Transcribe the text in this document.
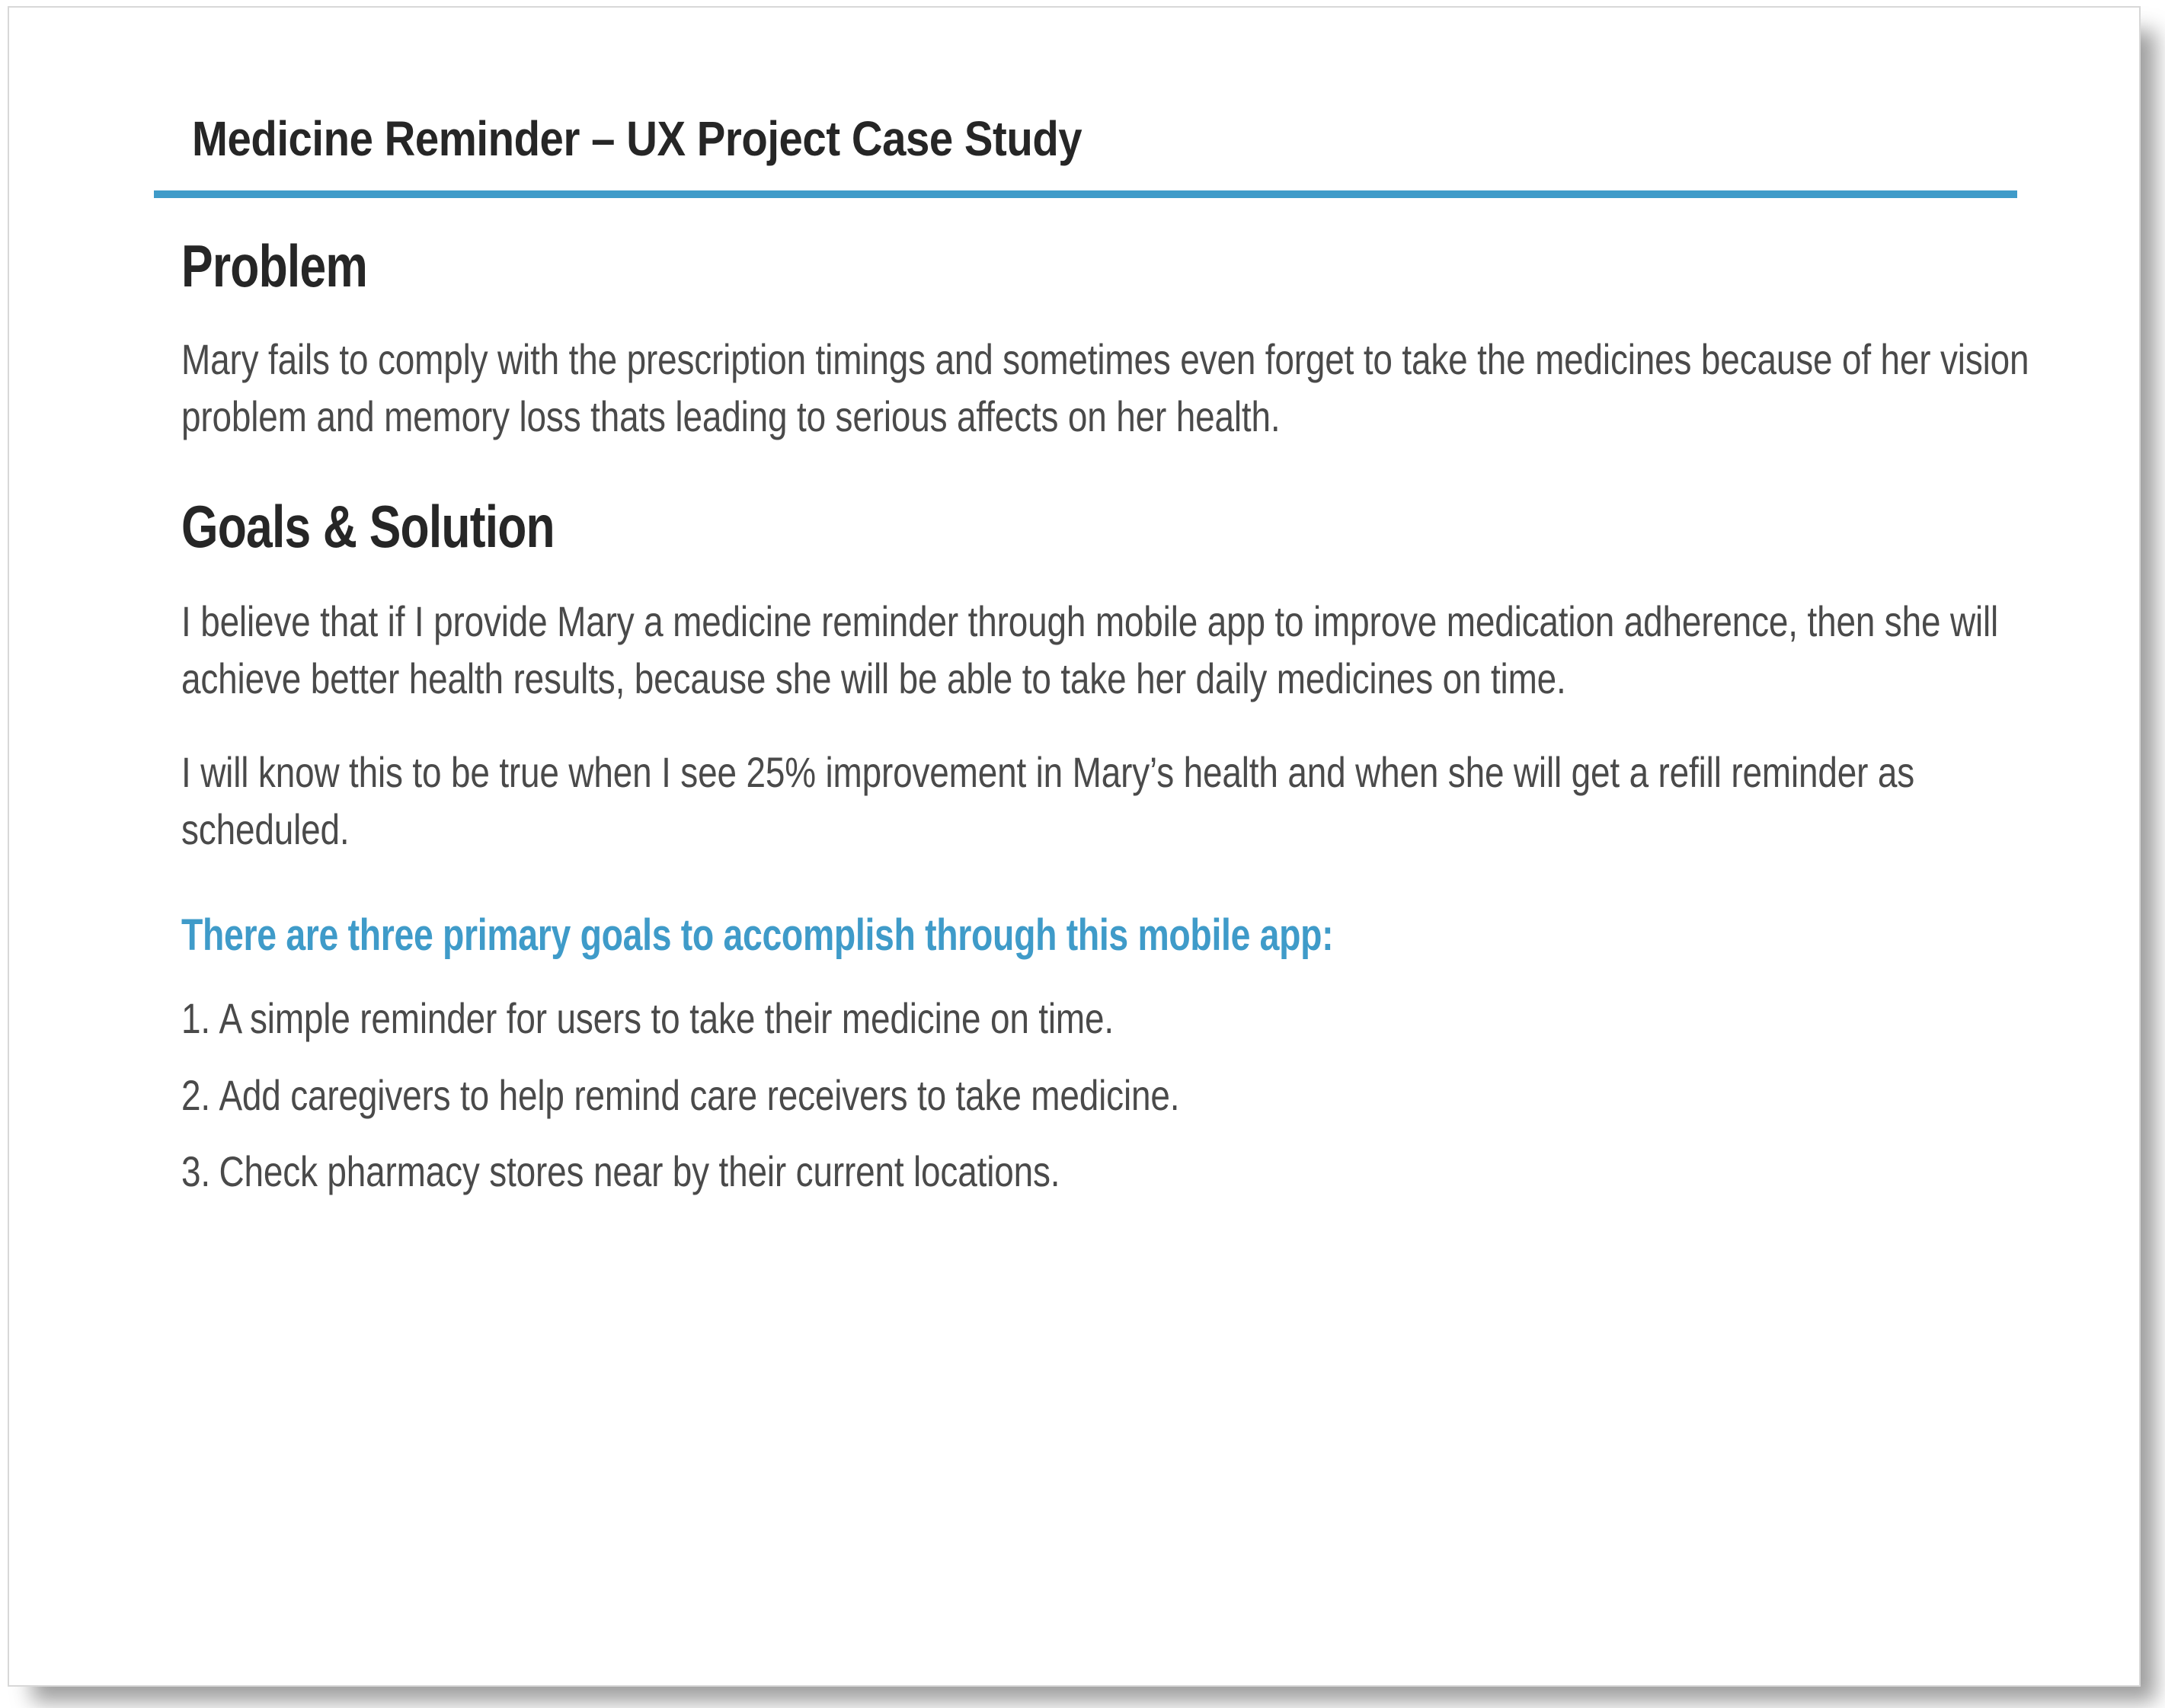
Medicine Reminder – UX Project Case Study
Problem

Mary fails to comply with the prescription timings and sometimes even forget to take the medicines because of her vision problem and memory loss thats leading to serious affects on her health.

Goals & Solution

I believe that if I provide Mary a medicine reminder through mobile app to improve medication adherence, then she will achieve better health results, because she will be able to take her daily medicines on time.

I will know this to be true when I see 25% improvement in Mary’s health and when she will get a refill reminder as scheduled.

There are three primary goals to accomplish through this mobile app:

1. A simple reminder for users to take their medicine on time.
2. Add caregivers to help remind care receivers to take medicine.
3. Check pharmacy stores near by their current locations.
